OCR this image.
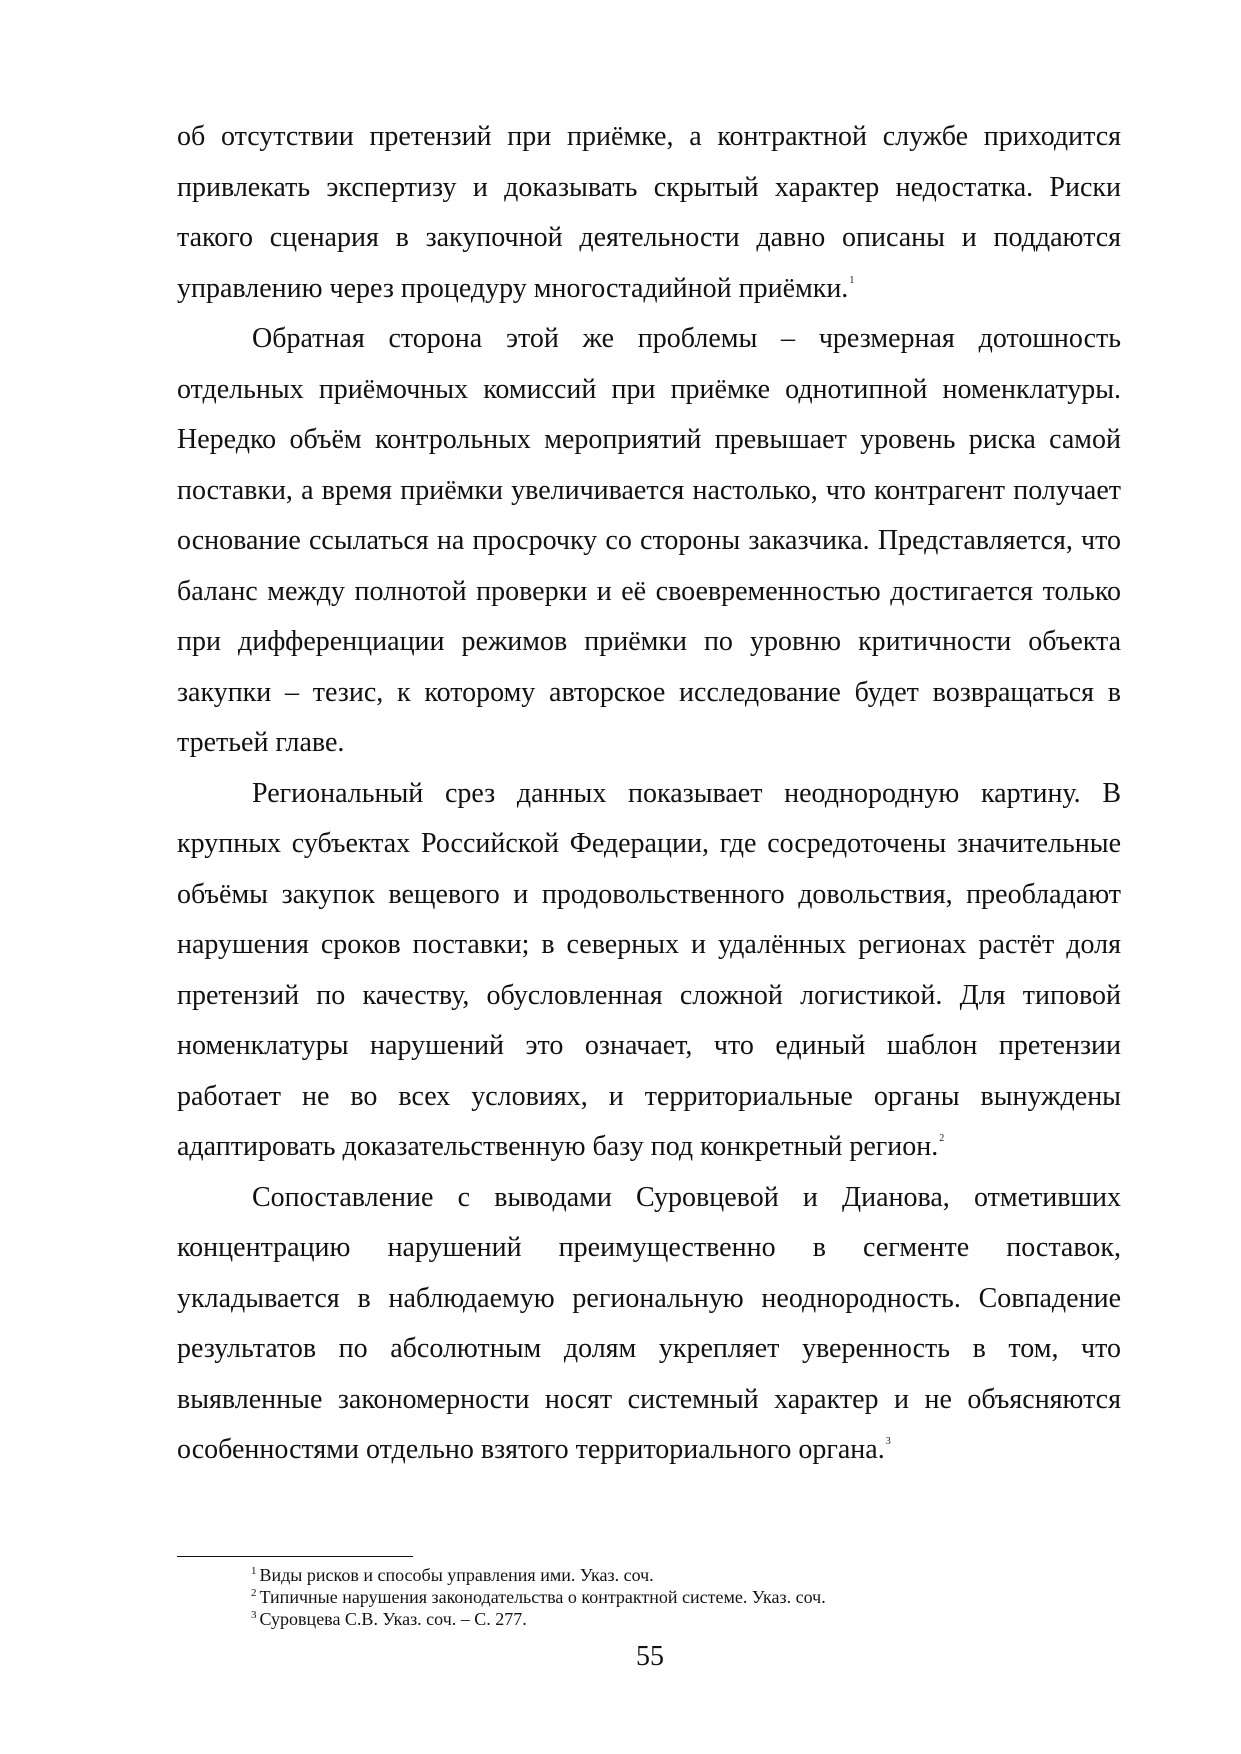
об отсутствии претензий при приёмке, а контрактной службе приходится привлекать экспертизу и доказывать скрытый характер недостатка. Риски такого сценария в закупочной деятельности давно описаны и поддаются управлению через процедуру многостадийной приёмки.$^1$

Обратная сторона этой же проблемы – чрезмерная дотошность отдельных приёмочных комиссий при приёмке однотипной номенклатуры. Нередко объём контрольных мероприятий превышает уровень риска самой поставки, а время приёмки увеличивается настолько, что контрагент получает основание ссылаться на просрочку со стороны заказчика. Представляется, что баланс между полнотой проверки и её своевременностью достигается только при дифференциации режимов приёмки по уровню критичности объекта закупки – тезис, к которому авторское исследование будет возвращаться в третьей главе.

Региональный срез данных показывает неоднородную картину. В крупных субъектах Российской Федерации, где сосредоточены значительные объёмы закупок вещевого и продовольственного довольствия, преобладают нарушения сроков поставки; в северных и удалённых регионах растёт доля претензий по качеству, обусловленная сложной логистикой. Для типовой номенклатуры нарушений это означает, что единый шаблон претензии работает не во всех условиях, и территориальные органы вынуждены адаптировать доказательственную базу под конкретный регион.$^2$

Сопоставление с выводами Суровцевой и Дианова, отметивших концентрацию нарушений преимущественно в сегменте поставок, укладывается в наблюдаемую региональную неоднородность. Совпадение результатов по абсолютным долям укрепляет уверенность в том, что выявленные закономерности носят системный характер и не объясняются особенностями отдельно взятого территориального органа.$^3$

$^1$ Виды рисков и способы управления ими. Указ. соч.
$^2$ Типичные нарушения законодательства о контрактной системе. Указ. соч.
$^3$ Суровцева С.В. Указ. соч. – С. 277.
55
